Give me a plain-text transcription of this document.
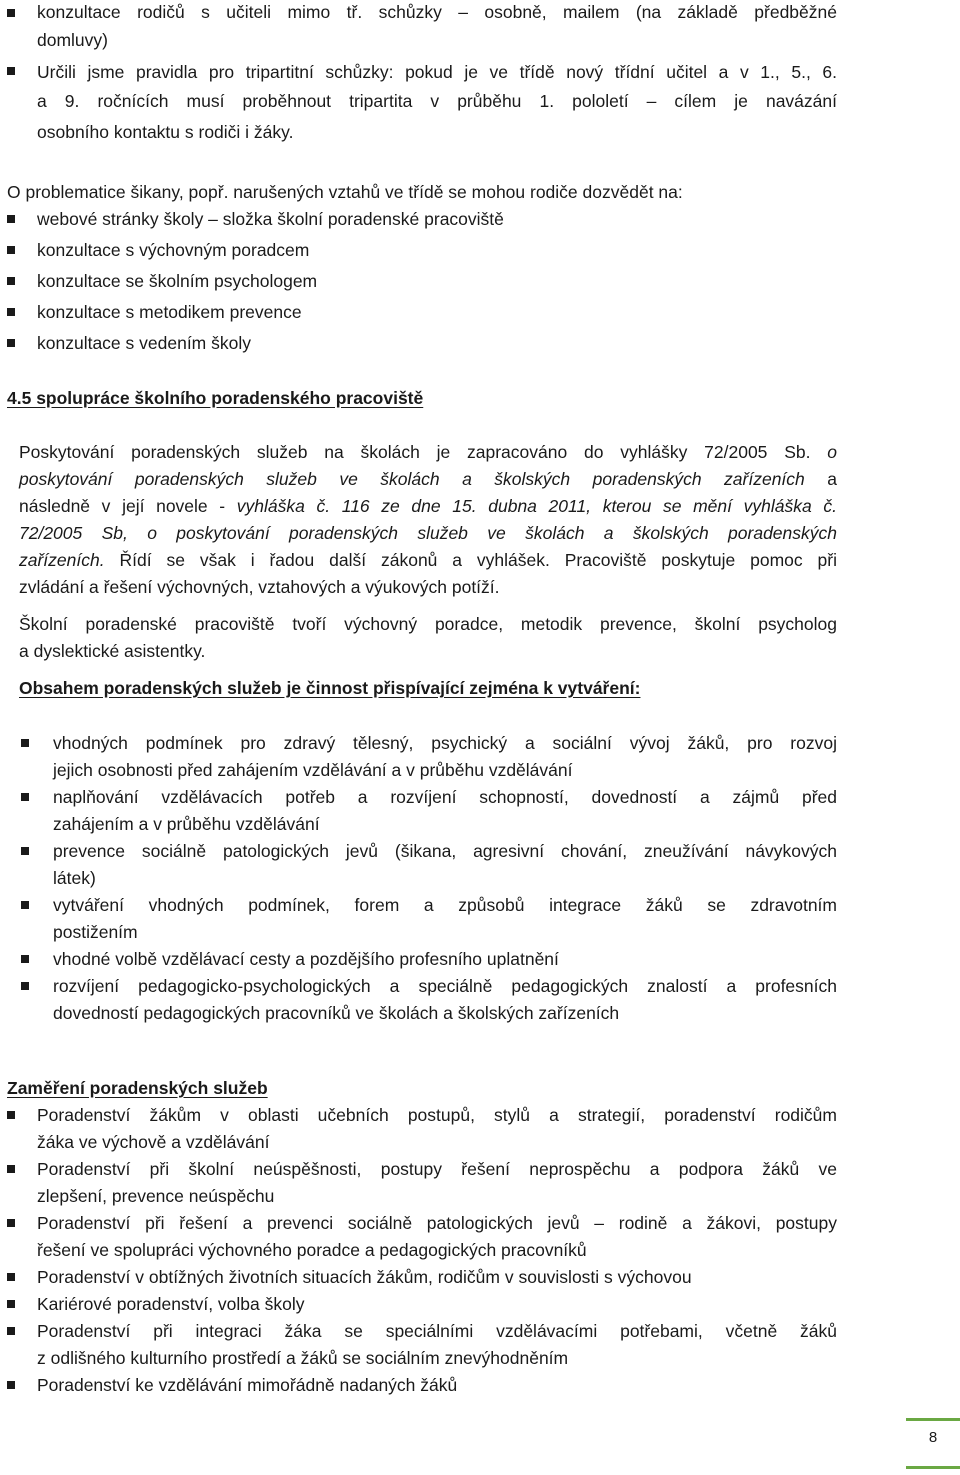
konzultace rodičů s učiteli mimo tř. schůzky – osobně, mailem (na základě předběžné
domluvy)
Určili jsme pravidla pro tripartitní schůzky: pokud je ve třídě nový třídní učitel a v 1., 5., 6.
a 9. ročnících musí proběhnout tripartita v průběhu 1. pololetí – cílem je navázání
osobního kontaktu s rodiči i žáky.
O problematice šikany, popř. narušených vztahů ve třídě se mohou rodiče dozvědět na:
webové stránky školy – složka školní poradenské pracoviště
konzultace s výchovným poradcem
konzultace se školním psychologem
konzultace s metodikem prevence
konzultace s vedením školy
4.5 spolupráce školního poradenského pracoviště
Poskytování poradenských služeb na školách je zapracováno do vyhlášky 72/2005 Sb. o
poskytování poradenských služeb ve školách a školských poradenských zařízeních a
následně v její novele - vyhláška č. 116 ze dne 15. dubna 2011, kterou se mění vyhláška č.
72/2005 Sb, o poskytování poradenských služeb ve školách a školských poradenských
zařízeních. Řídí se však i řadou další zákonů a vyhlášek. Pracoviště poskytuje pomoc při
zvládání a řešení výchovných, vztahových a výukových potíží.
Školní poradenské pracoviště tvoří výchovný poradce, metodik prevence, školní psycholog
a dyslektické asistentky.
Obsahem poradenských služeb je činnost přispívající zejména k vytváření:
vhodných podmínek pro zdravý tělesný, psychický a sociální vývoj žáků, pro rozvoj
jejich osobnosti před zahájením vzdělávání a v průběhu vzdělávání
naplňování vzdělávacích potřeb a rozvíjení schopností, dovedností a zájmů před
zahájením a v průběhu vzdělávání
prevence sociálně patologických jevů (šikana, agresivní chování, zneužívání návykových
látek)
vytváření vhodných podmínek, forem a způsobů integrace žáků se zdravotním
postižením
vhodné volbě vzdělávací cesty a pozdějšího profesního uplatnění
rozvíjení pedagogicko-psychologických a speciálně pedagogických znalostí a profesních
dovedností pedagogických pracovníků ve školách a školských zařízeních
Zaměření poradenských služeb
Poradenství žákům v oblasti učebních postupů, stylů a strategií, poradenství rodičům
žáka ve výchově a vzdělávání
Poradenství při školní neúspěšnosti, postupy řešení neprospěchu a podpora žáků ve
zlepšení, prevence neúspěchu
Poradenství při řešení a prevenci sociálně patologických jevů – rodině a žákovi, postupy
řešení ve spolupráci výchovného poradce a pedagogických pracovníků
Poradenství v obtížných životních situacích žákům, rodičům v souvislosti s výchovou
Kariérové poradenství, volba školy
Poradenství při integraci žáka se speciálními vzdělávacími potřebami, včetně žáků
z odlišného kulturního prostředí a žáků se sociálním znevýhodněním
Poradenství ke vzdělávání mimořádně nadaných žáků
8
